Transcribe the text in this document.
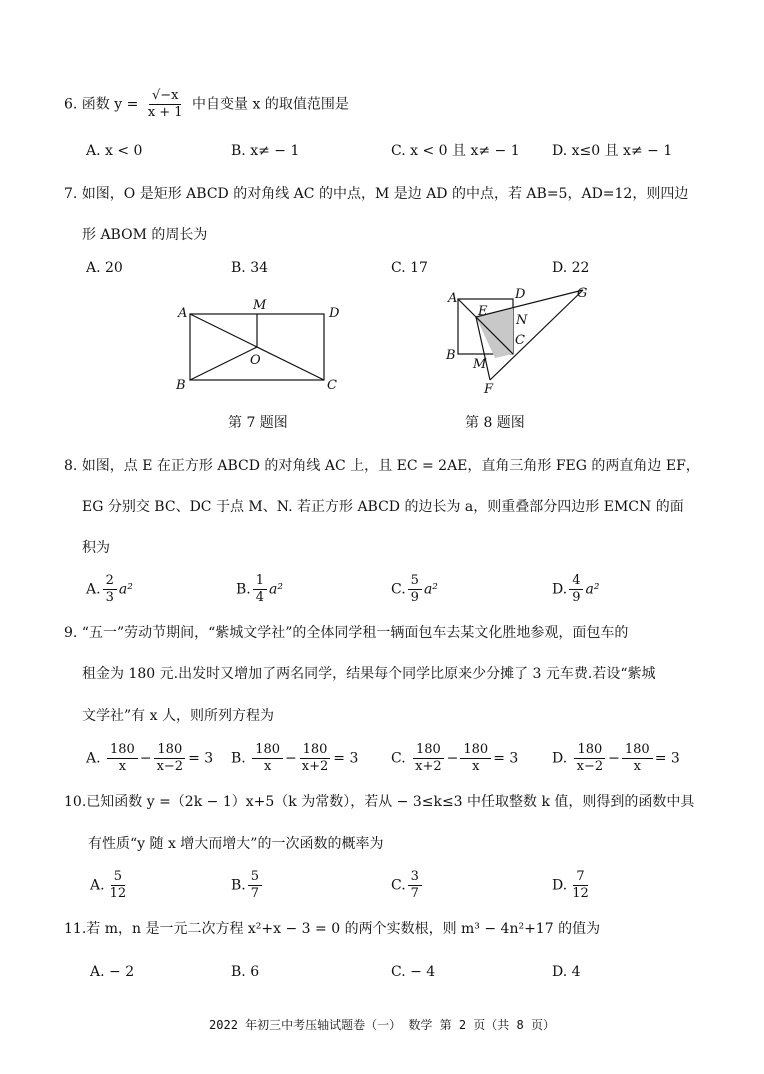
6. 函数 $y = \frac{√-x}{x + 1}$ 中自变量 x 的取值范围是
A. x < 0	B. x≠ − 1	C. x < 0 且 x≠ − 1 D. x≤0 且 x≠ − 1
7. 如图，O 是矩形 ABCD 的对角线 AC 的中点，M 是边 AD 的中点，若 AB=5，AD=12，则四边
形 ABOM 的周长为
A. 20	B. 34	C. 17	D. 22
A
M
D
O
B	C
第 7 题图
A	D	G
E
N
C
B
M
F
第 8 题图
8. 如图，点 E 在正方形 ABCD 的对角线 AC 上，且 EC = 2AE，直角三角形 FEG 的两直角边 EF，
EG 分别交 BC、DC 于点 M、N. 若正方形 ABCD 的边长为 a，则重叠部分四边形 EMCN 的面
积为
A. $\frac{2}{3} a^2$	B. $\frac{1}{4} a^2$	C. $\frac{5}{9} a^2$	D. $\frac{4}{9} a^2$
9. “五一”劳动节期间，“紫城文学社”的全体同学租一辆面包车去某文化胜地参观，面包车的
租金为 180 元.出发时又增加了两名同学，结果每个同学比原来少分摊了 3 元车费.若设“紫城
文学社”有 x 人，则所列方程为
A. $\frac{180}{x} - \frac{180}{x-2} = 3$ B. $\frac{180}{x} - \frac{180}{x+2} = 3$ C. $\frac{180}{x+2} - \frac{180}{x} = 3$ D. $\frac{180}{x-2} - \frac{180}{x} = 3$
10.已知函数 y =（2k − 1）x+5（k 为常数），若从 − 3≤k≤3 中任取整数 k 值，则得到的函数中具
有性质“y 随 x 增大而增大”的一次函数的概率为
A. $\frac{5}{12}$	B. $\frac{5}{7}$	C. $\frac{3}{7}$	D. $\frac{7}{12}$
11.若 m，n 是一元二次方程 x²+x − 3 = 0 的两个实数根，则 m³ − 4n²+17 的值为
A. − 2	B. 6	C. − 4	D. 4
2022 年初三中考压轴试题卷（一） 数学 第 2 页（共 8 页）
